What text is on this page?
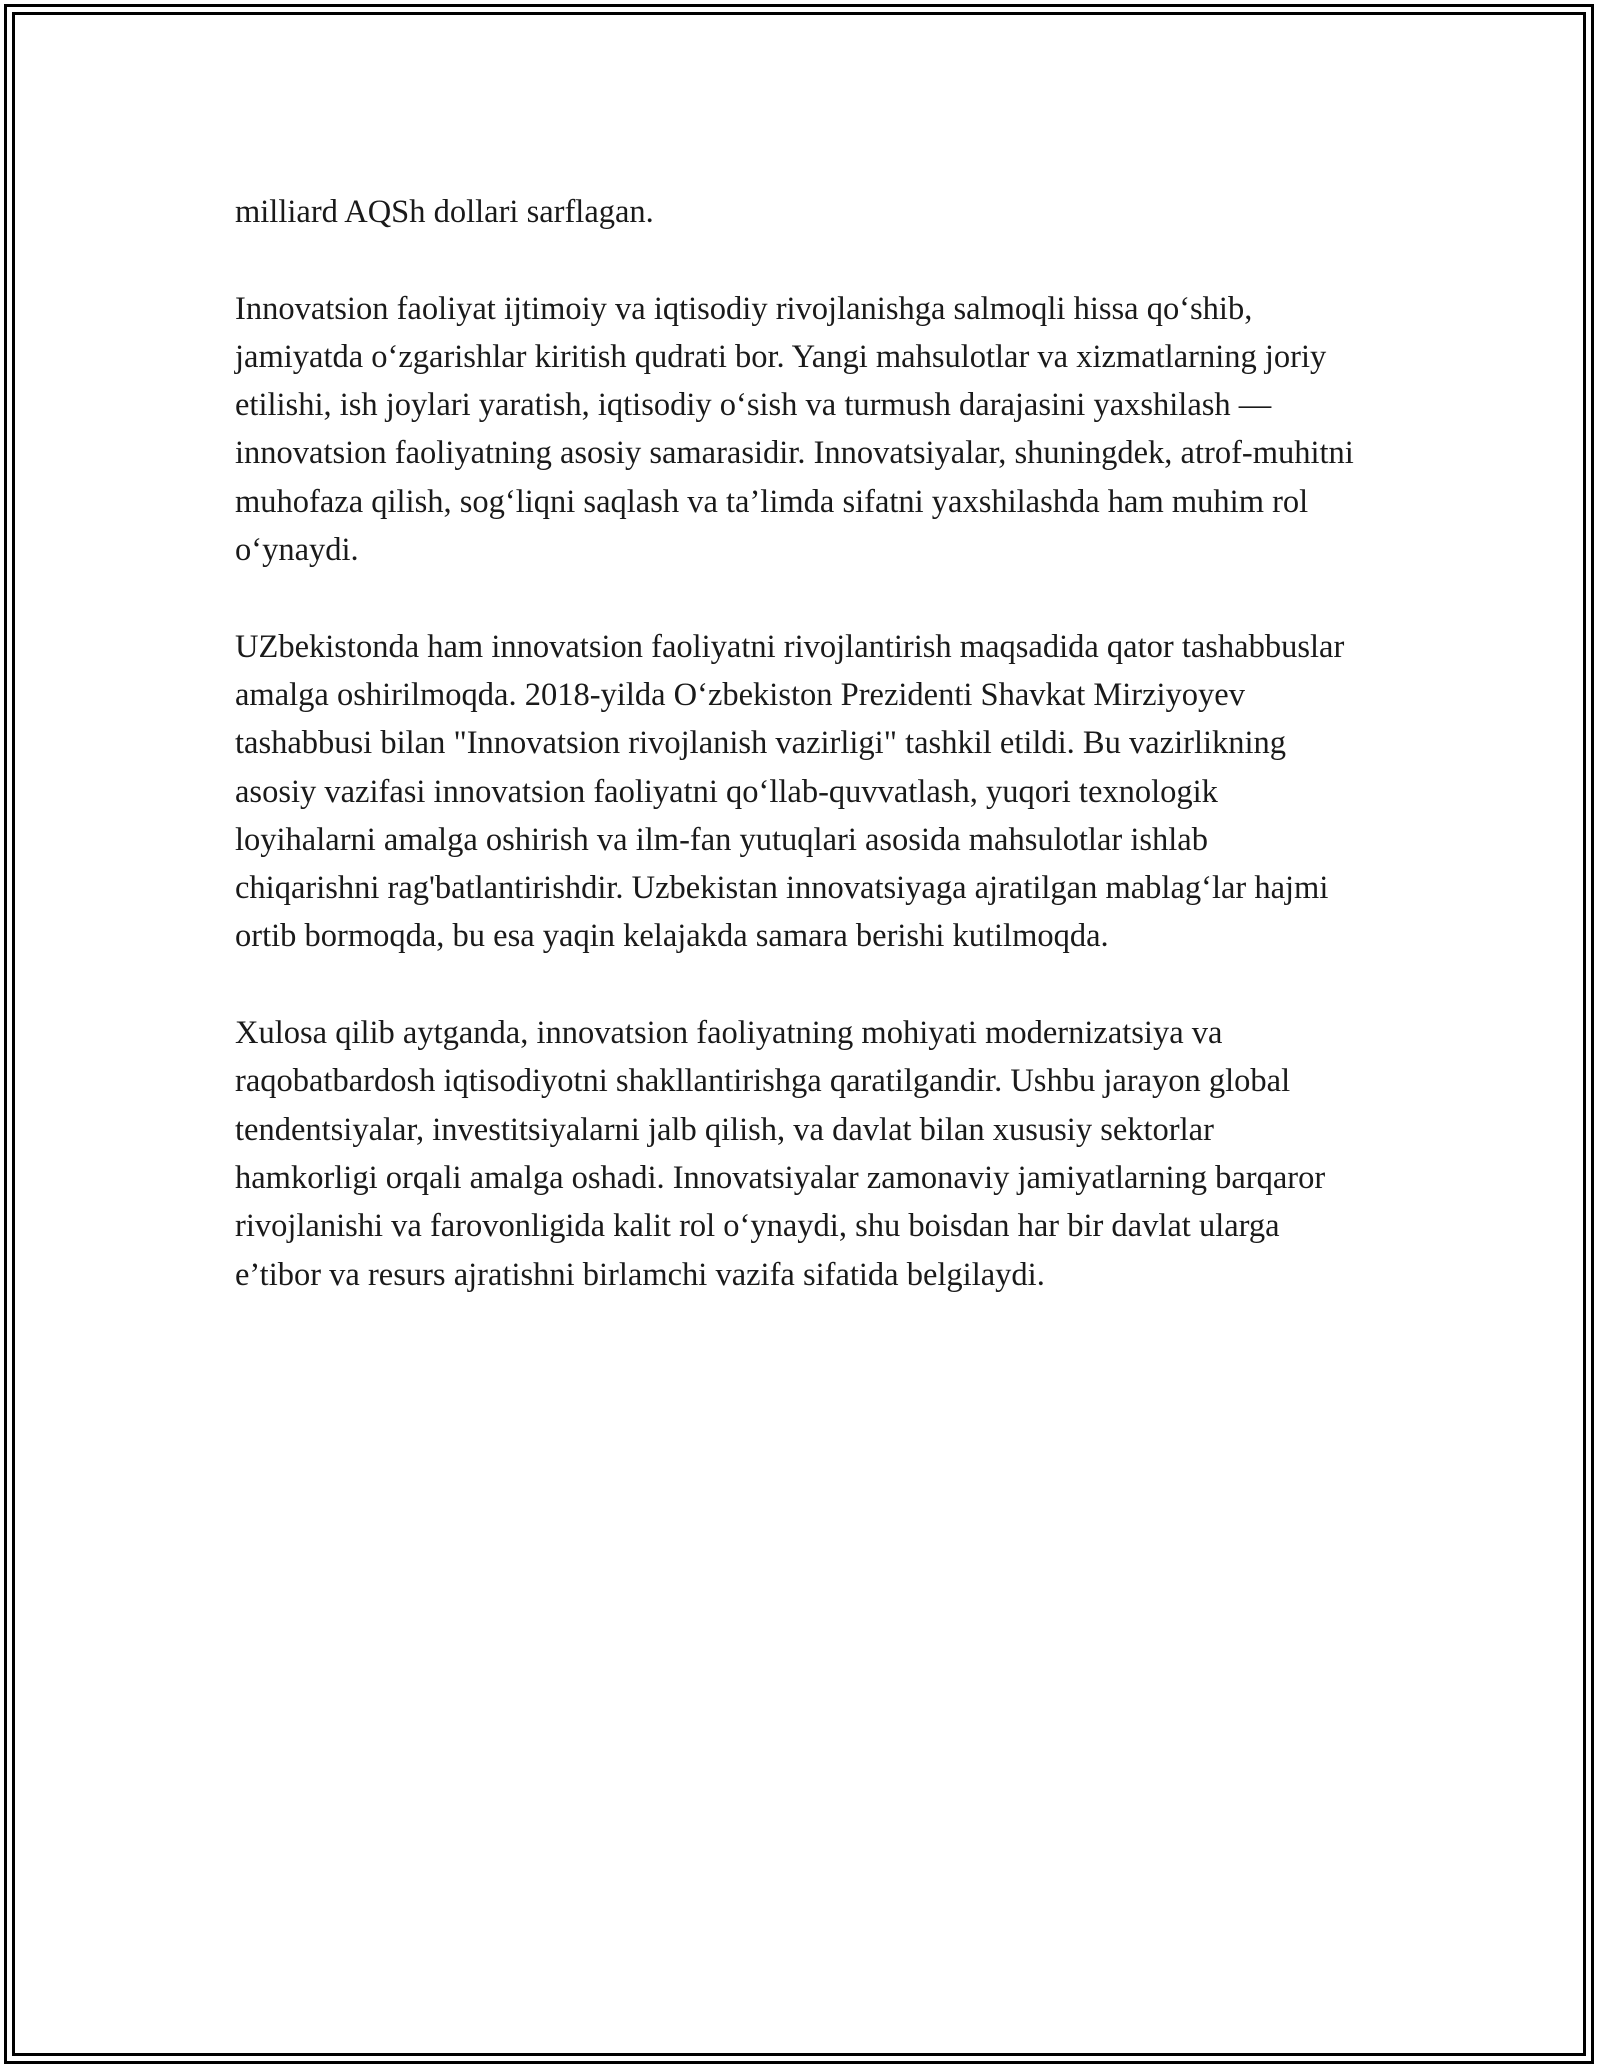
milliard AQSh dollari sarflagan.

Innovatsion faoliyat ijtimoiy va iqtisodiy rivojlanishga salmoqli hissa qo‘shib, jamiyatda o‘zgarishlar kiritish qudrati bor. Yangi mahsulotlar va xizmatlarning joriy etilishi, ish joylari yaratish, iqtisodiy o‘sish va turmush darajasini yaxshilash — innovatsion faoliyatning asosiy samarasidir. Innovatsiyalar, shuningdek, atrof-muhitni muhofaza qilish, sog‘liqni saqlash va ta’limda sifatni yaxshilashda ham muhim rol o‘ynaydi.

UZbekistonda ham innovatsion faoliyatni rivojlantirish maqsadida qator tashabbuslar amalga oshirilmoqda. 2018-yilda O‘zbekiston Prezidenti Shavkat Mirziyoyev tashabbusi bilan "Innovatsion rivojlanish vazirligi" tashkil etildi. Bu vazirlikning asosiy vazifasi innovatsion faoliyatni qo‘llab-quvvatlash, yuqori texnologik loyihalarni amalga oshirish va ilm-fan yutuqlari asosida mahsulotlar ishlab chiqarishni rag'batlantirishdir. Uzbekistan innovatsiyaga ajratilgan mablag‘lar hajmi ortib bormoqda, bu esa yaqin kelajakda samara berishi kutilmoqda.

Xulosa qilib aytganda, innovatsion faoliyatning mohiyati modernizatsiya va raqobatbardosh iqtisodiyotni shakllantirishga qaratilgandir. Ushbu jarayon global tendentsiyalar, investitsiyalarni jalb qilish, va davlat bilan xususiy sektorlar hamkorligi orqali amalga oshadi. Innovatsiyalar zamonaviy jamiyatlarning barqaror rivojlanishi va farovonligida kalit rol o‘ynaydi, shu boisdan har bir davlat ularga e’tibor va resurs ajratishni birlamchi vazifa sifatida belgilaydi.
